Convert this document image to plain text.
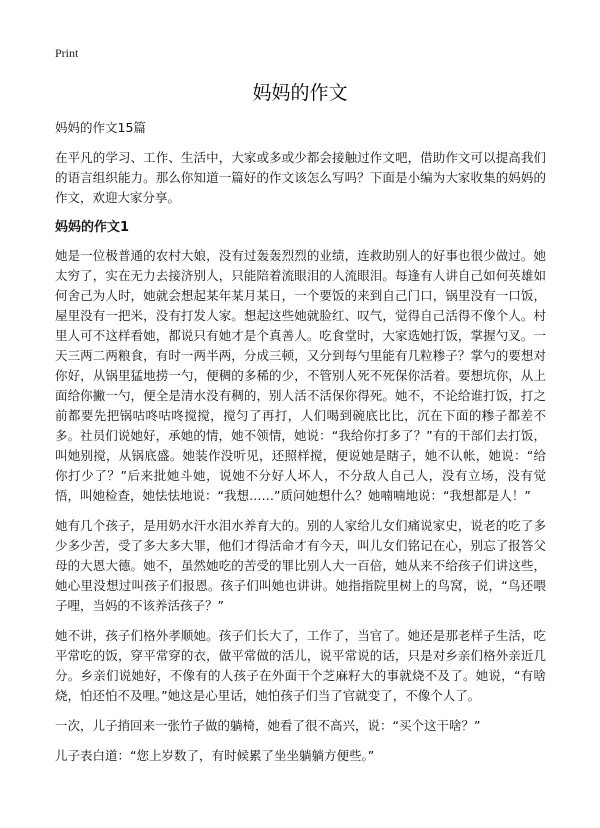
Print
妈妈的作文

妈妈的作文15篇

在平凡的学习、工作、生活中，大家或多或少都会接触过作文吧，借助作文可以提高我们的语言组织能力。那么你知道一篇好的作文该怎么写吗？下面是小编为大家收集的妈妈的作文，欢迎大家分享。

妈妈的作文1

她是一位极普通的农村大娘，没有过轰轰烈烈的业绩，连救助别人的好事也很少做过。她太穷了，实在无力去接济别人，只能陪着流眼泪的人流眼泪。每逢有人讲自己如何英雄如何舍己为人时，她就会想起某年某月某日，一个要饭的来到自己门口，锅里没有一口饭，屋里没有一把米，没有打发人家。想起这些她就脸红、叹气，觉得自己活得不像个人。村里人可不这样看她，都说只有她才是个真善人。吃食堂时，大家选她打饭，掌握勺叉。一天三两二两粮食，有时一两半两，分成三顿，又分到每勺里能有几粒糁子？掌勺的要想对你好，从锅里猛地捞一勺，便稠的多稀的少，不管别人死不死保你活着。要想坑你，从上面给你撇一勺，便全是清水没有稠的，别人活不活保你得死。她不，不论给谁打饭，打之前都要先把锅咕咚咕咚搅搅，搅匀了再打，人们喝到碗底比比，沉在下面的糁子都差不多。社员们说她好，承她的情，她不领情，她说：“我给你打多了？”有的干部们去打饭，叫她别搅，从锅底盛。她装作没听见，还照样搅，便说她是瞎子，她不认帐，她说：“给你打少了？”后来批她斗她，说她不分好人坏人，不分敌人自己人，没有立场，没有觉悟，叫她检查，她怯怯地说：“我想……”质问她想什么？她喃喃地说：“我想都是人！”

她有几个孩子，是用奶水汗水泪水养育大的。别的人家给儿女们痛说家史，说老的吃了多少多少苦，受了多大多大罪，他们才得活命才有今天，叫儿女们铭记在心，别忘了报答父母的大恩大德。她不，虽然她吃的苦受的罪比别人大一百倍，她从来不给孩子们讲这些，她心里没想过叫孩子们报恩。孩子们叫她也讲讲。她指指院里树上的鸟窝，说，“鸟还喂子哩，当妈的不该养活孩子？”

她不讲，孩子们格外孝顺她。孩子们长大了，工作了，当官了。她还是那老样子生活，吃平常吃的饭，穿平常穿的衣，做平常做的活儿，说平常说的话，只是对乡亲们格外亲近几分。乡亲们说她好，不像有的人孩子在外面干个芝麻籽大的事就烧不及了。她说，“有啥烧，怕还怕不及哩。”她这是心里话，她怕孩子们当了官就变了，不像个人了。

一次，儿子捎回来一张竹子做的躺椅，她看了很不高兴，说：“买个这干啥？”

儿子表白道：“您上岁数了，有时候累了坐坐躺躺方便些。”
